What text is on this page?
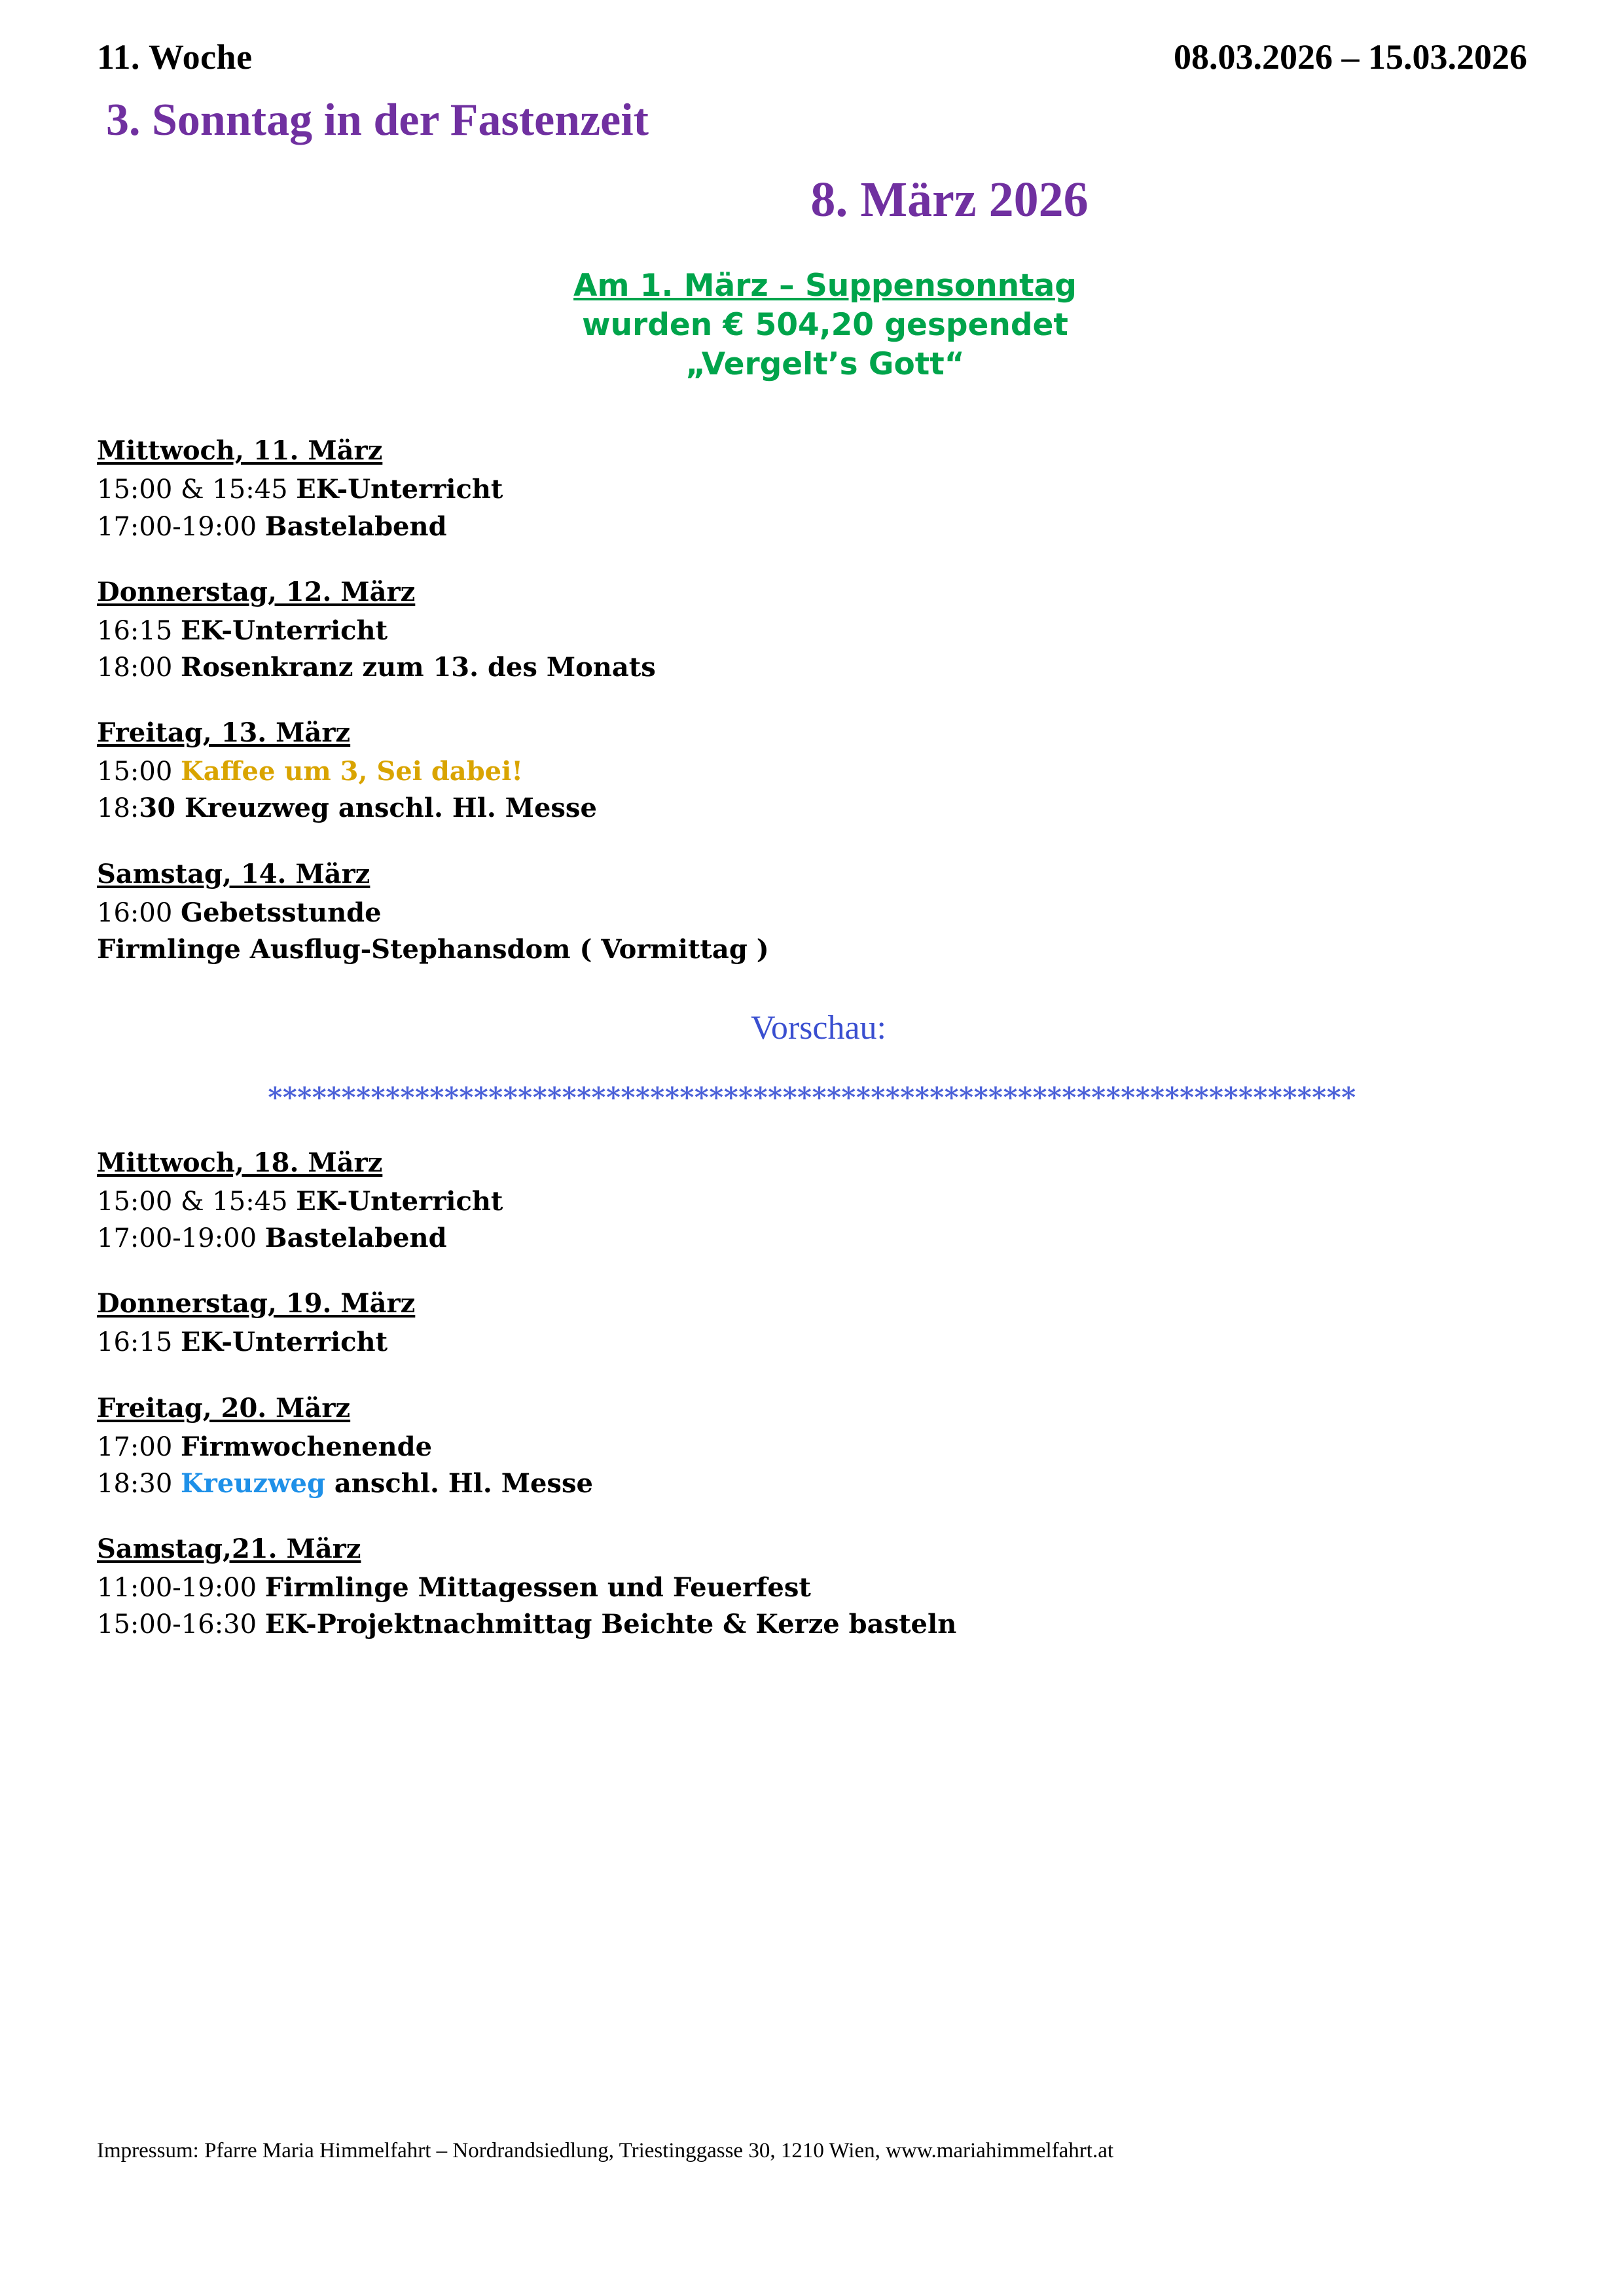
11. Woche	08.03.2026 – 15.03.2026
3. Sonntag in der Fastenzeit
8. März 2026
Am 1. März – Suppensonntag
wurden € 504,20 gespendet
„Vergelt’s Gott“
Mittwoch, 11. März
15:00 & 15:45 EK-Unterricht
17:00-19:00 Bastelabend
Donnerstag, 12. März
16:15 EK-Unterricht
18:00 Rosenkranz zum 13. des Monats
Freitag, 13. März
15:00 Kaffee um 3, Sei dabei!
18:30 Kreuzweg anschl. Hl. Messe
Samstag, 14. März
16:00 Gebetsstunde
Firmlinge Ausflug-Stephansdom ( Vormittag )
Vorschau:
**************************************************************************
Mittwoch, 18. März
15:00 & 15:45 EK-Unterricht
17:00-19:00 Bastelabend
Donnerstag, 19. März
16:15 EK-Unterricht
Freitag, 20. März
17:00 Firmwochenende
18:30 Kreuzweg anschl. Hl. Messe
Samstag,21. März
11:00-19:00 Firmlinge Mittagessen und Feuerfest
15:00-16:30 EK-Projektnachmittag Beichte & Kerze basteln
Impressum: Pfarre Maria Himmelfahrt – Nordrandsiedlung, Triestinggasse 30, 1210 Wien, www.mariahimmelfahrt.at
